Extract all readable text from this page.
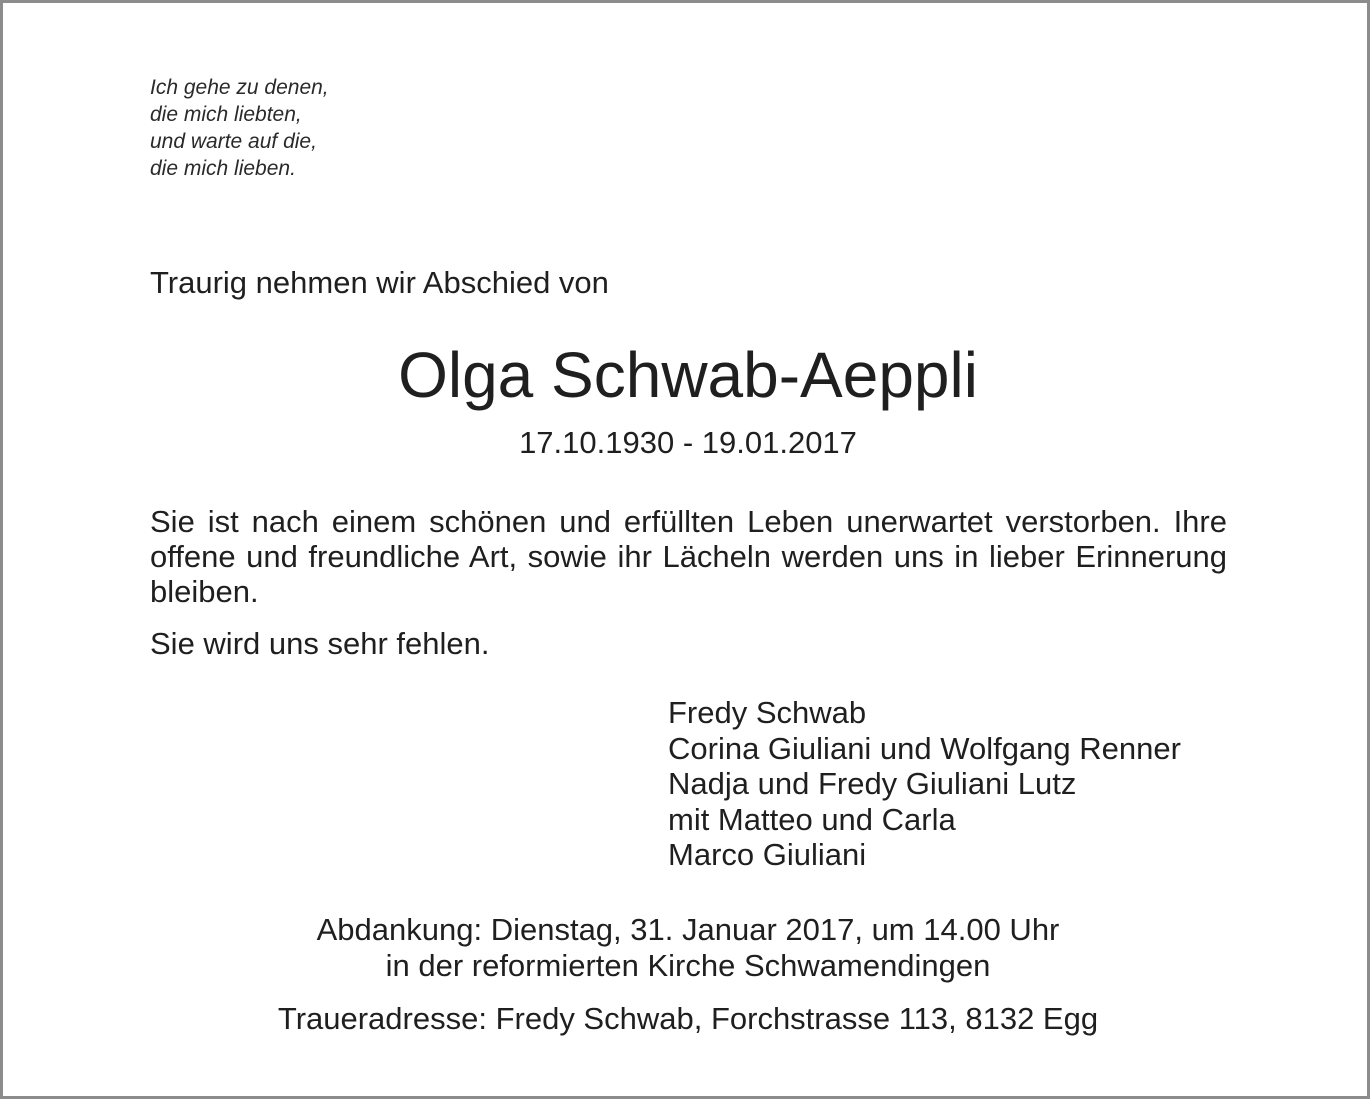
Ich gehe zu denen,
die mich liebten,
und warte auf die,
die mich lieben.
Traurig nehmen wir Abschied von
Olga Schwab-Aeppli
17.10.1930 - 19.01.2017
Sie ist nach einem schönen und erfüllten Leben unerwartet verstorben. Ihre offene und freundliche Art, sowie ihr Lächeln werden uns in lieber Erinnerung bleiben.
Sie wird uns sehr fehlen.
Fredy Schwab
Corina Giuliani und Wolfgang Renner
Nadja und Fredy Giuliani Lutz
mit Matteo und Carla
Marco Giuliani
Abdankung: Dienstag, 31. Januar 2017, um 14.00 Uhr
in der reformierten Kirche Schwamendingen
Traueradresse: Fredy Schwab, Forchstrasse 113, 8132 Egg
